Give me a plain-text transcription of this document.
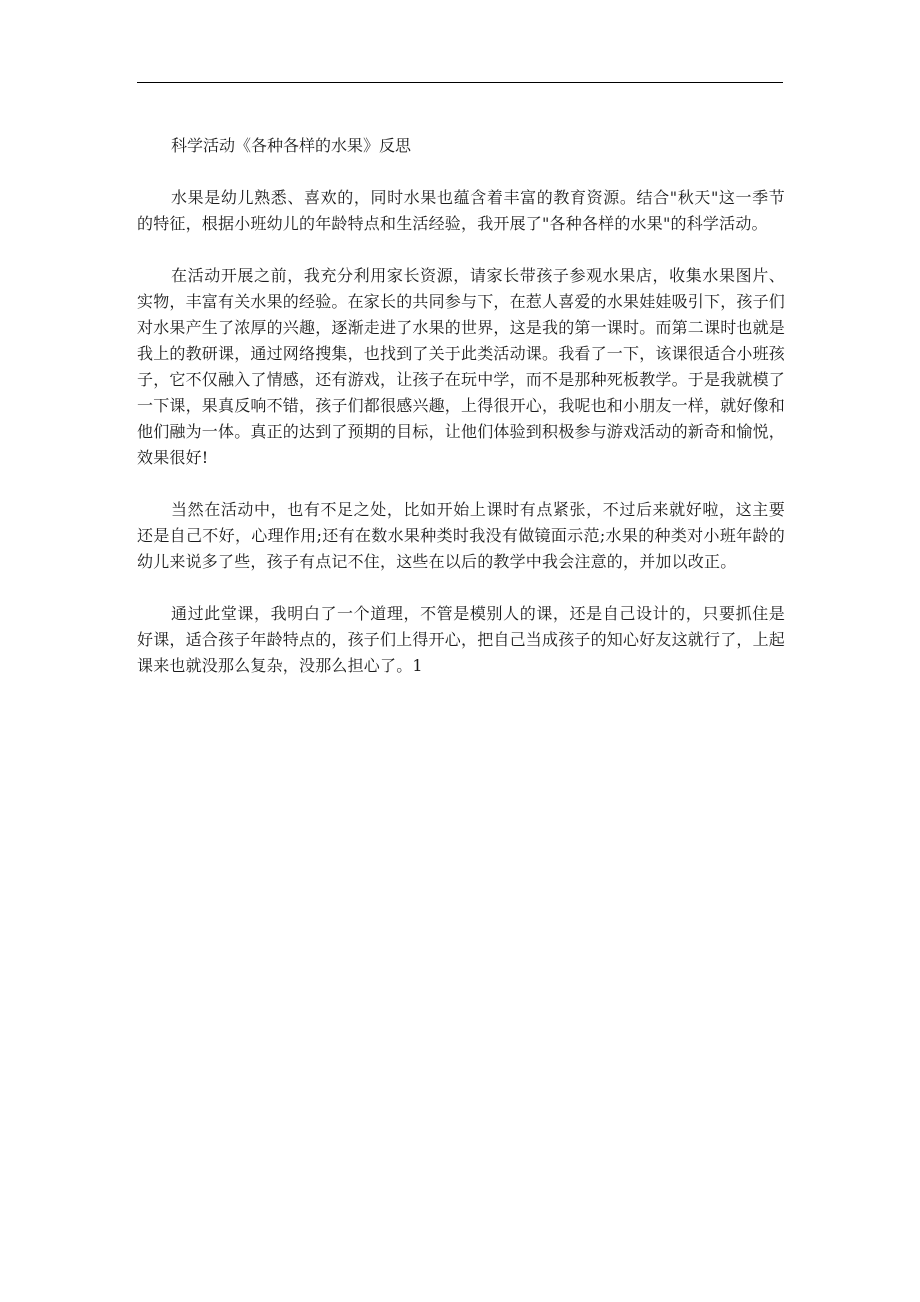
科学活动《各种各样的水果》反思

水果是幼儿熟悉、喜欢的，同时水果也蕴含着丰富的教育资源。结合"秋天"这一季节的特征，根据小班幼儿的年龄特点和生活经验，我开展了"各种各样的水果"的科学活动。

在活动开展之前，我充分利用家长资源，请家长带孩子参观水果店，收集水果图片、实物，丰富有关水果的经验。在家长的共同参与下，在惹人喜爱的水果娃娃吸引下，孩子们对水果产生了浓厚的兴趣，逐渐走进了水果的世界，这是我的第一课时。而第二课时也就是我上的教研课，通过网络搜集，也找到了关于此类活动课。我看了一下，该课很适合小班孩子，它不仅融入了情感，还有游戏，让孩子在玩中学，而不是那种死板教学。于是我就模了一下课，果真反响不错，孩子们都很感兴趣，上得很开心，我呢也和小朋友一样，就好像和他们融为一体。真正的达到了预期的目标，让他们体验到积极参与游戏活动的新奇和愉悦，效果很好!

当然在活动中，也有不足之处，比如开始上课时有点紧张，不过后来就好啦，这主要还是自己不好，心理作用;还有在数水果种类时我没有做镜面示范;水果的种类对小班年龄的幼儿来说多了些，孩子有点记不住，这些在以后的教学中我会注意的，并加以改正。

通过此堂课，我明白了一个道理，不管是模别人的课，还是自己设计的，只要抓住是好课，适合孩子年龄特点的，孩子们上得开心，把自己当成孩子的知心好友这就行了，上起课来也就没那么复杂，没那么担心了。1
